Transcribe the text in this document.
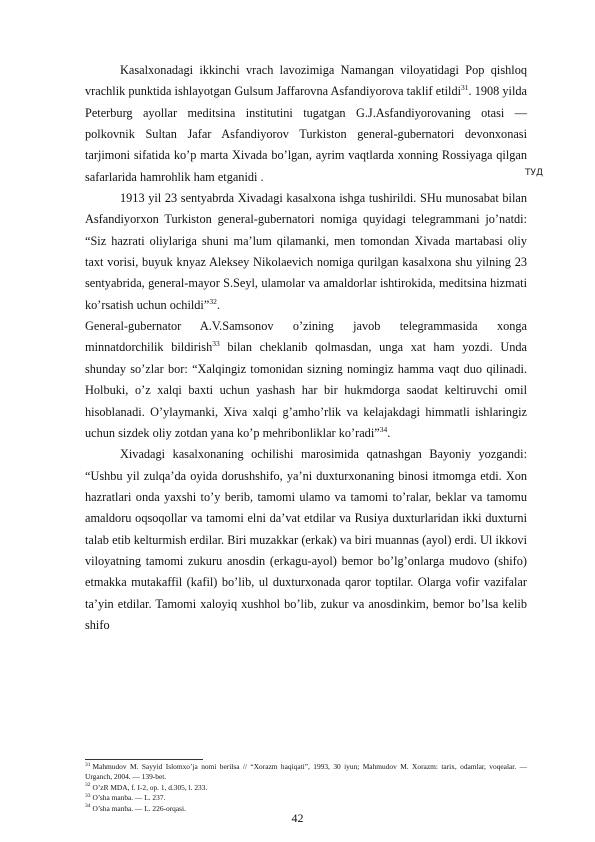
Kasalxonadagi ikkinchi vrach lavozimiga Namangan viloyatidagi Pop qishloq vrachlik punktida ishlayotgan Gulsum Jaffarovna Asfandiyorova taklif etildi$^{31}$. 1908 yilda Peterburg ayollar meditsina institutini tugatgan G.J.Asfandiyorovaning otasi — polkovnik Sultan Jafar Asfandiyorov Turkiston general-gubernatori devonxonasi tarjimoni sifatida ko’p marta Xivada bo’lgan, ayrim vaqtlarda xonning Rossiyaga qilgan safarlarida hamrohlik ham etganidi .

1913 yil 23 sentyabrda Xivadagi kasalxona ishga tushirildi. SHu munosabat bilan Asfandiyorxon Turkiston general-gubernatori nomiga quyidagi telegrammani jo’natdi: “Siz hazrati oliylariga shuni ma’lum qilamanki, men tomondan Xivada martabasi oliy taxt vorisi, buyuk knyaz Aleksey Nikolaevich nomiga qurilgan kasalxona shu yilning 23 sentyabrida, general-mayor S.Seyl, ulamolar va amaldorlar ishtirokida, meditsina hizmati ko’rsatish uchun ochildi”$^{32}$.

General-gubernator A.V.Samsonov o’zining javob telegrammasida xonga minnatdorchilik bildirish$^{33}$ bilan cheklanib qolmasdan, unga xat ham yozdi. Unda shunday so’zlar bor: “Xalqingiz tomonidan sizning nomingiz hamma vaqt duo qilinadi. Holbuki, o’z xalqi baxti uchun yashash har bir hukmdorga saodat keltiruvchi omil hisoblanadi. O’ylaymanki, Xiva xalqi g’amho’rlik va kelajakdagi himmatli ishlaringiz uchun sizdek oliy zotdan yana ko’p mehribonliklar ko’radi”$^{34}$.

Xivadagi kasalxonaning ochilishi marosimida qatnashgan Bayoniy yozgandi: “Ushbu yil zulqa’da oyida dorushshifo, ya’ni duxturxonaning binosi itmomga etdi. Xon hazratlari onda yaxshi to’y berib, tamomi ulamo va tamomi to’ralar, beklar va tamomu amaldoru oqsoqollar va tamomi elni da’vat etdilar va Rusiya duxturlaridan ikki duxturni talab etib kelturmish erdilar. Biri muzakkar (erkak) va biri muannas (ayol) erdi. Ul ikkovi viloyatning tamomi zukuru anosdin (erkagu-ayol) bemor bo’lg’onlarga mudovo (shifo) etmakka mutakaffil (kafil) bo’lib, ul duxturxonada qaror toptilar. Olarga vofir vazifalar ta’yin etdilar. Tamomi xaloyiq xushhol bo’lib, zukur va anosdinkim, bemor bo’lsa kelib shifo

ТУД

$^{31}$ Mahmudov M. Sayyid Islomxo’ja nomi berilsa // “Xorazm haqiqati”, 1993, 30 iyun; Mahmudov M. Xorazm: tarix, odamlar, voqealar. — Urganch, 2004. — 139-bet.

$^{32}$ O’zR MDA, f. I-2, op. 1, d.305, l. 233.

$^{33}$ O’sha manba. — L. 237.

$^{34}$ O’sha manba. — L. 226-orqasi.

42
